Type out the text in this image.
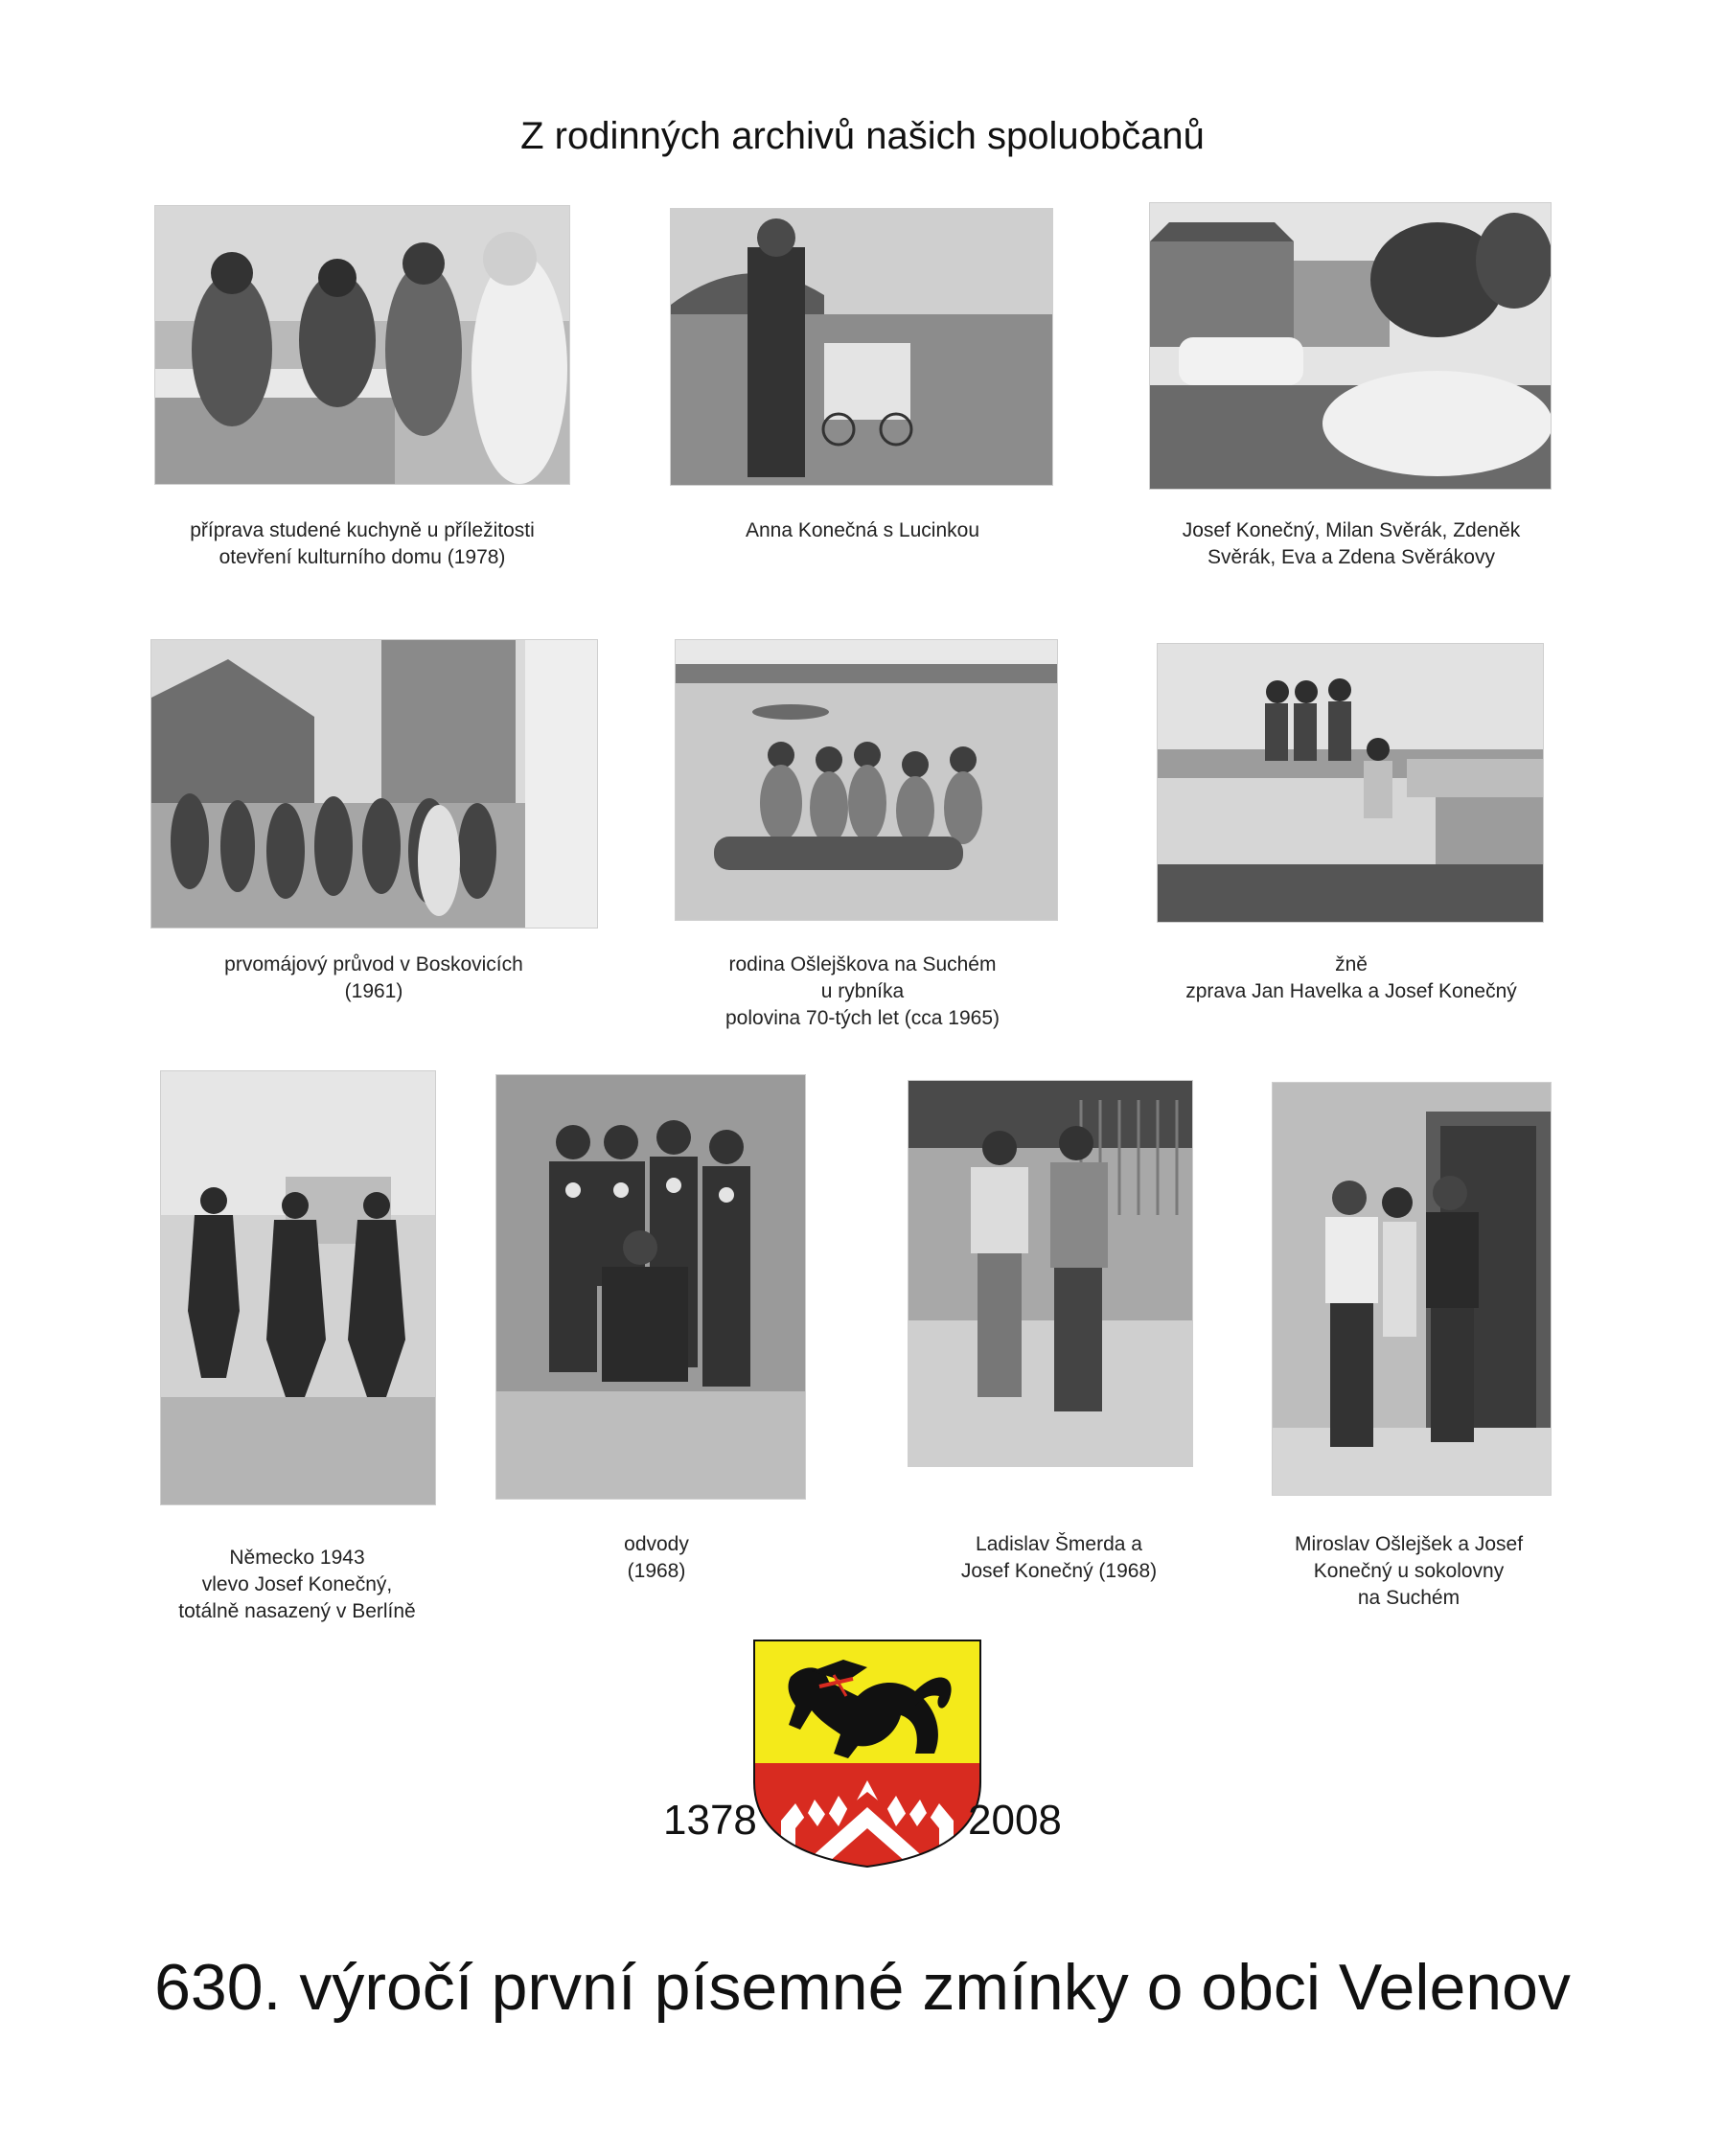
Z rodinných archivů našich spoluobčanů
příprava studené kuchyně u příležitosti
otevření kulturního domu (1978)
Anna Konečná s Lucinkou	Josef Konečný, Milan Svěrák, Zdeněk
Svěrák, Eva a Zdena Svěrákovy
prvomájový průvod v Boskovicích
(1961)
rodina Ošlejškova na Suchém
u rybníka
polovina 70-tých let (cca 1965)
žně
zprava Jan Havelka a Josef Konečný
Německo 1943
vlevo Josef Konečný,
totálně nasazený v Berlíně
odvody
(1968)
Ladislav Šmerda a
Josef Konečný (1968)
Miroslav Ošlejšek a Josef
Konečný u sokolovny
na Suchém
1378	2008
630. výročí první písemné zmínky o obci Velenov
